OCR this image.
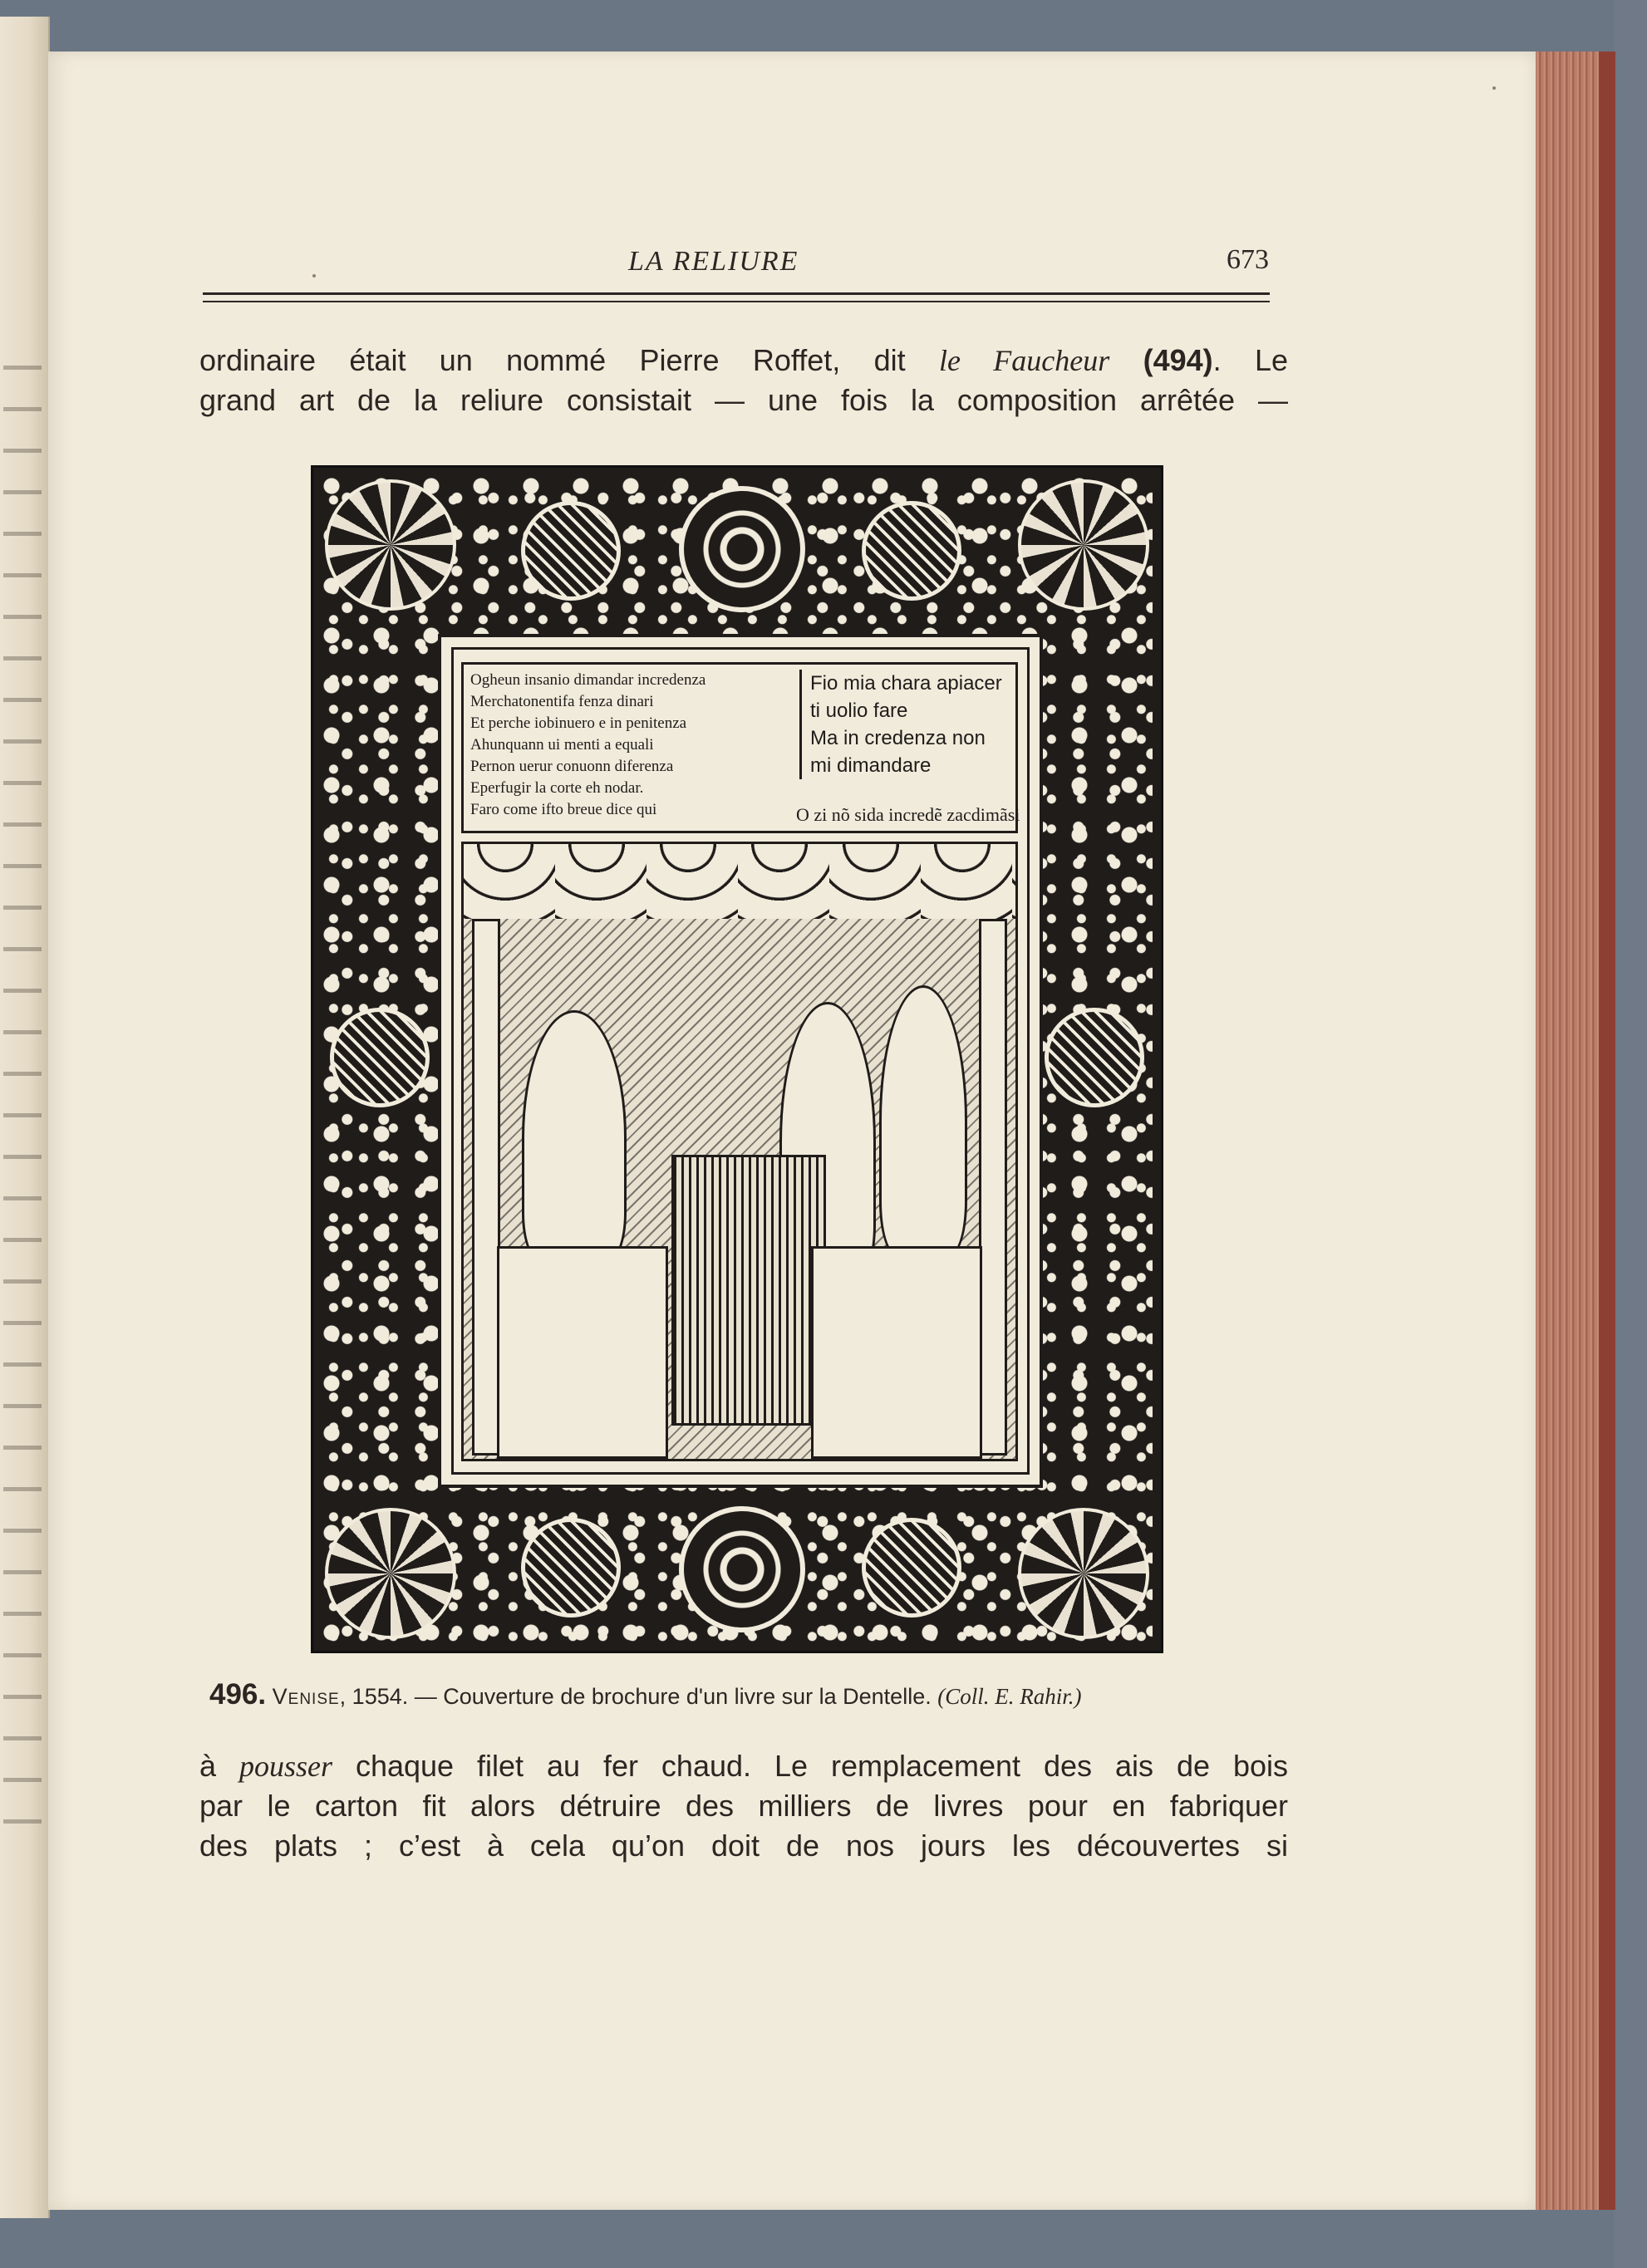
LA RELIURE	673
ordinaire était un nommé Pierre Roffet, dit le Faucheur (494). Le
grand art de la reliure consistait — une fois la composition arrêtée —
Ogheun insanio dimandar incredenza
Merchatonentifa fenza dinari
Et perche iobinuero e in penitenza
Ahunquann ui menti a equali
Pernon uerur conuonn diferenza
Eperfugir la corte eh nodar.
Faro come ifto breue dice qui
Fio mia chara apiacer
ti uolio fare
Ma in credenza non
mi dimandare
O zi nõ sida incredẽ zacdimãsi
496. Venise, 1554. — Couverture de brochure d'un livre sur la Dentelle. (Coll. E. Rahir.)
à pousser chaque filet au fer chaud. Le remplacement des ais de bois
par le carton fit alors détruire des milliers de livres pour en fabriquer
des plats ; c’est à cela qu’on doit de nos jours les découvertes si
